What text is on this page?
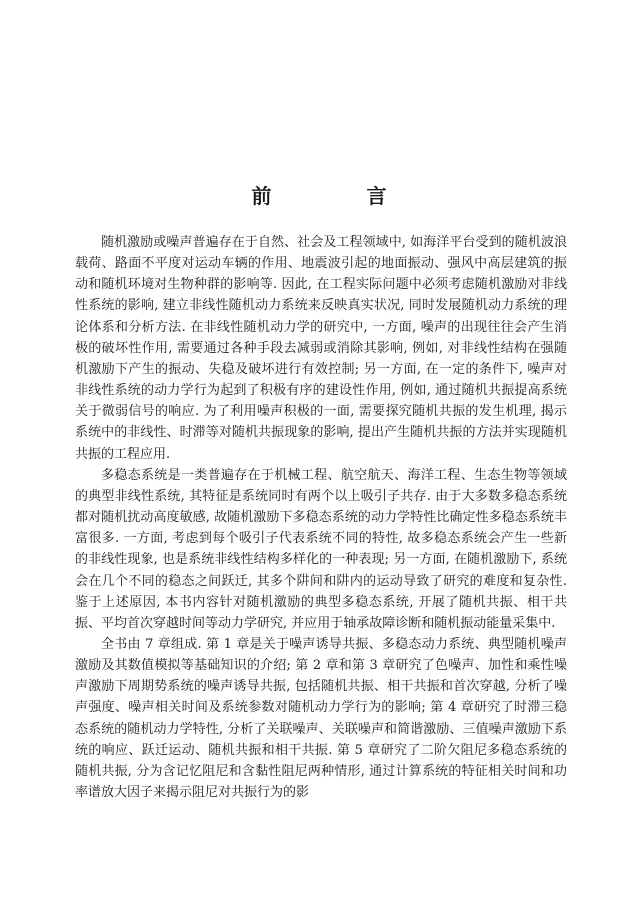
前 言

随机激励或噪声普遍存在于自然、社会及工程领域中, 如海洋平台受到的随机波浪载荷、路面不平度对运动车辆的作用、地震波引起的地面振动、强风中高层建筑的振动和随机环境对生物种群的影响等. 因此, 在工程实际问题中必须考虑随机激励对非线性系统的影响, 建立非线性随机动力系统来反映真实状况, 同时发展随机动力系统的理论体系和分析方法. 在非线性随机动力学的研究中, 一方面, 噪声的出现往往会产生消极的破坏性作用, 需要通过各种手段去减弱或消除其影响, 例如, 对非线性结构在强随机激励下产生的振动、失稳及破坏进行有效控制; 另一方面, 在一定的条件下, 噪声对非线性系统的动力学行为起到了积极有序的建设性作用, 例如, 通过随机共振提高系统关于微弱信号的响应. 为了利用噪声积极的一面, 需要探究随机共振的发生机理, 揭示系统中的非线性、时滞等对随机共振现象的影响, 提出产生随机共振的方法并实现随机共振的工程应用.

多稳态系统是一类普遍存在于机械工程、航空航天、海洋工程、生态生物等领域的典型非线性系统, 其特征是系统同时有两个以上吸引子共存. 由于大多数多稳态系统都对随机扰动高度敏感, 故随机激励下多稳态系统的动力学特性比确定性多稳态系统丰富很多. 一方面, 考虑到每个吸引子代表系统不同的特性, 故多稳态系统会产生一些新的非线性现象, 也是系统非线性结构多样化的一种表现; 另一方面, 在随机激励下, 系统会在几个不同的稳态之间跃迁, 其多个阱间和阱内的运动导致了研究的难度和复杂性. 鉴于上述原因, 本书内容针对随机激励的典型多稳态系统, 开展了随机共振、相干共振、平均首次穿越时间等动力学研究, 并应用于轴承故障诊断和随机振动能量采集中.

全书由 7 章组成. 第 1 章是关于噪声诱导共振、多稳态动力系统、典型随机噪声激励及其数值模拟等基础知识的介绍; 第 2 章和第 3 章研究了色噪声、加性和乘性噪声激励下周期势系统的噪声诱导共振, 包括随机共振、相干共振和首次穿越, 分析了噪声强度、噪声相关时间及系统参数对随机动力学行为的影响; 第 4 章研究了时滞三稳态系统的随机动力学特性, 分析了关联噪声、关联噪声和简谐激励、三值噪声激励下系统的响应、跃迁运动、随机共振和相干共振. 第 5 章研究了二阶欠阻尼多稳态系统的随机共振, 分为含记忆阻尼和含黏性阻尼两种情形, 通过计算系统的特征相关时间和功率谱放大因子来揭示阻尼对共振行为的影
